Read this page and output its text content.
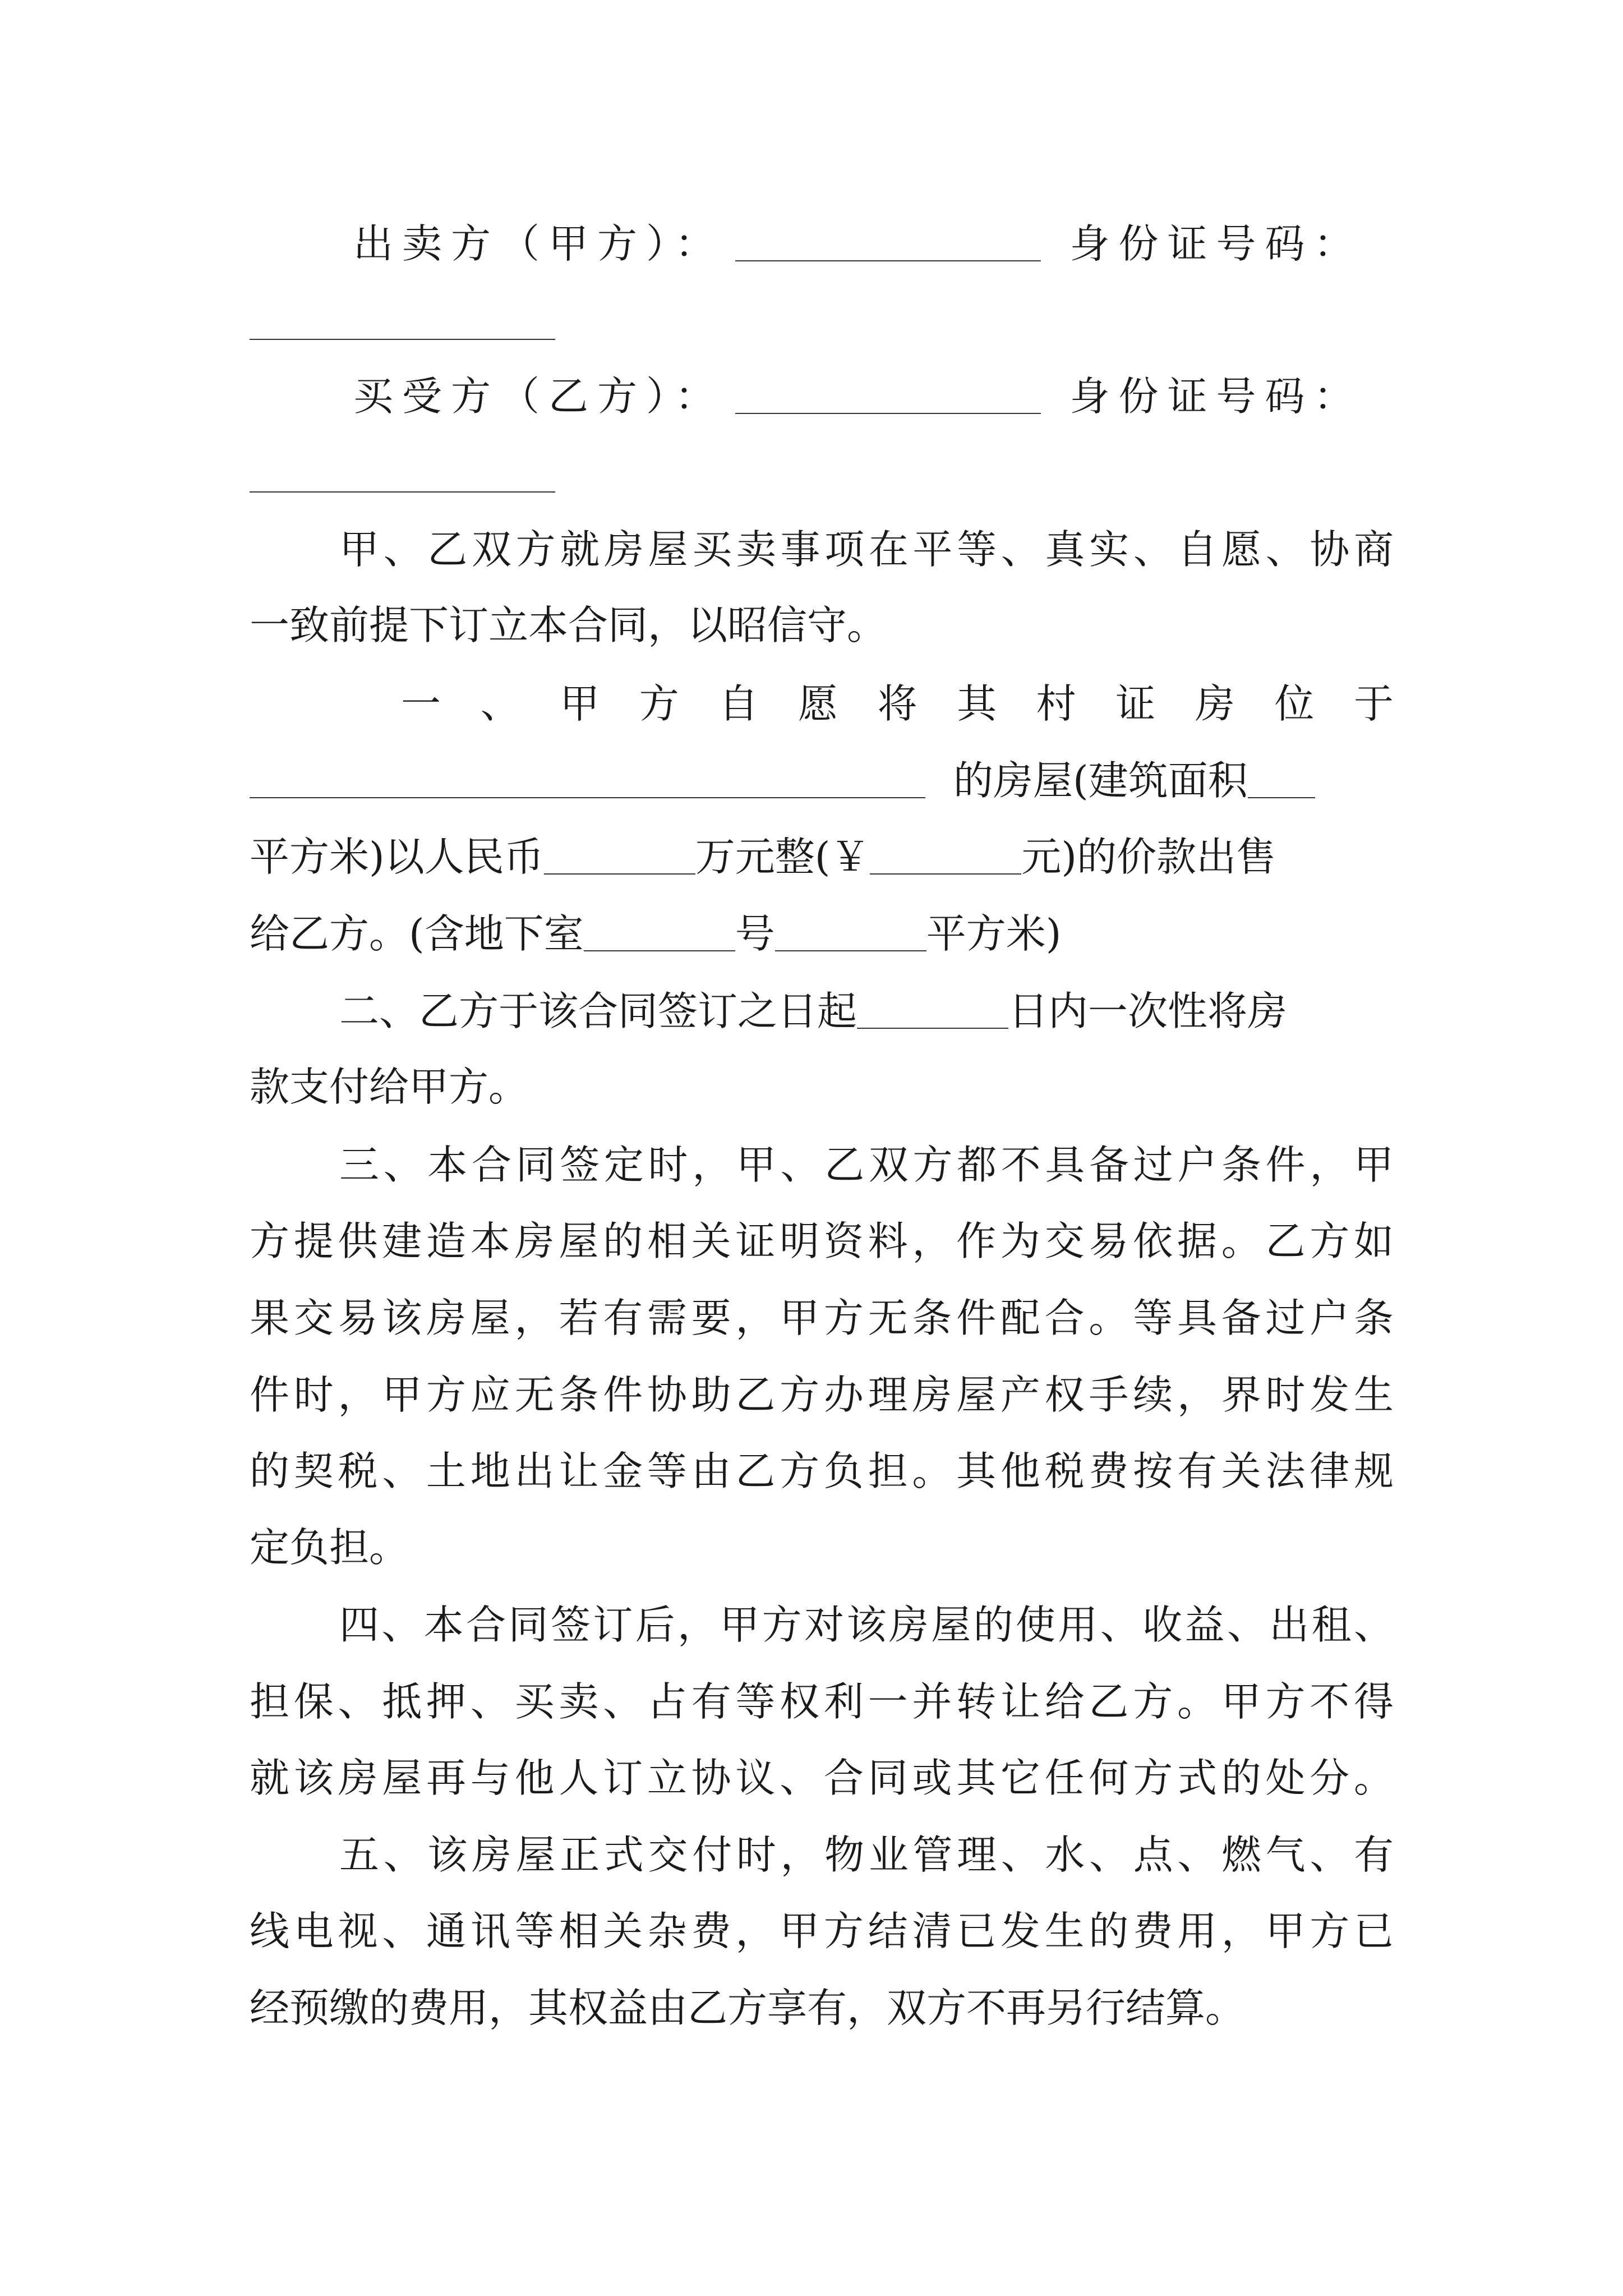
出卖方（甲方）：	身份证号码：
买受方（乙方）：	身份证号码：
甲、乙双方就房屋买卖事项在平等、真实、自愿、协商
一致前提下订立本合同，以昭信守。
一、甲方自愿将其村证房位于
的房屋(建筑面积
平方米)以人民币	万元整(￥	元)的价款出售
给乙方。(含地下室	号	平方米)
二、乙方于该合同签订之日起	日内一次性将房
款支付给甲方。
三、本合同签定时，甲、乙双方都不具备过户条件，甲
方提供建造本房屋的相关证明资料，作为交易依据。乙方如
果交易该房屋，若有需要，甲方无条件配合。等具备过户条
件时，甲方应无条件协助乙方办理房屋产权手续，界时发生
的契税、土地出让金等由乙方负担。其他税费按有关法律规
定负担。
四、本合同签订后，甲方对该房屋的使用、收益、出租、
担保、抵押、买卖、占有等权利一并转让给乙方。甲方不得
就该房屋再与他人订立协议、合同或其它任何方式的处分。
五、该房屋正式交付时，物业管理、水、点、燃气、有
线电视、通讯等相关杂费，甲方结清已发生的费用，甲方已
经预缴的费用，其权益由乙方享有，双方不再另行结算。
